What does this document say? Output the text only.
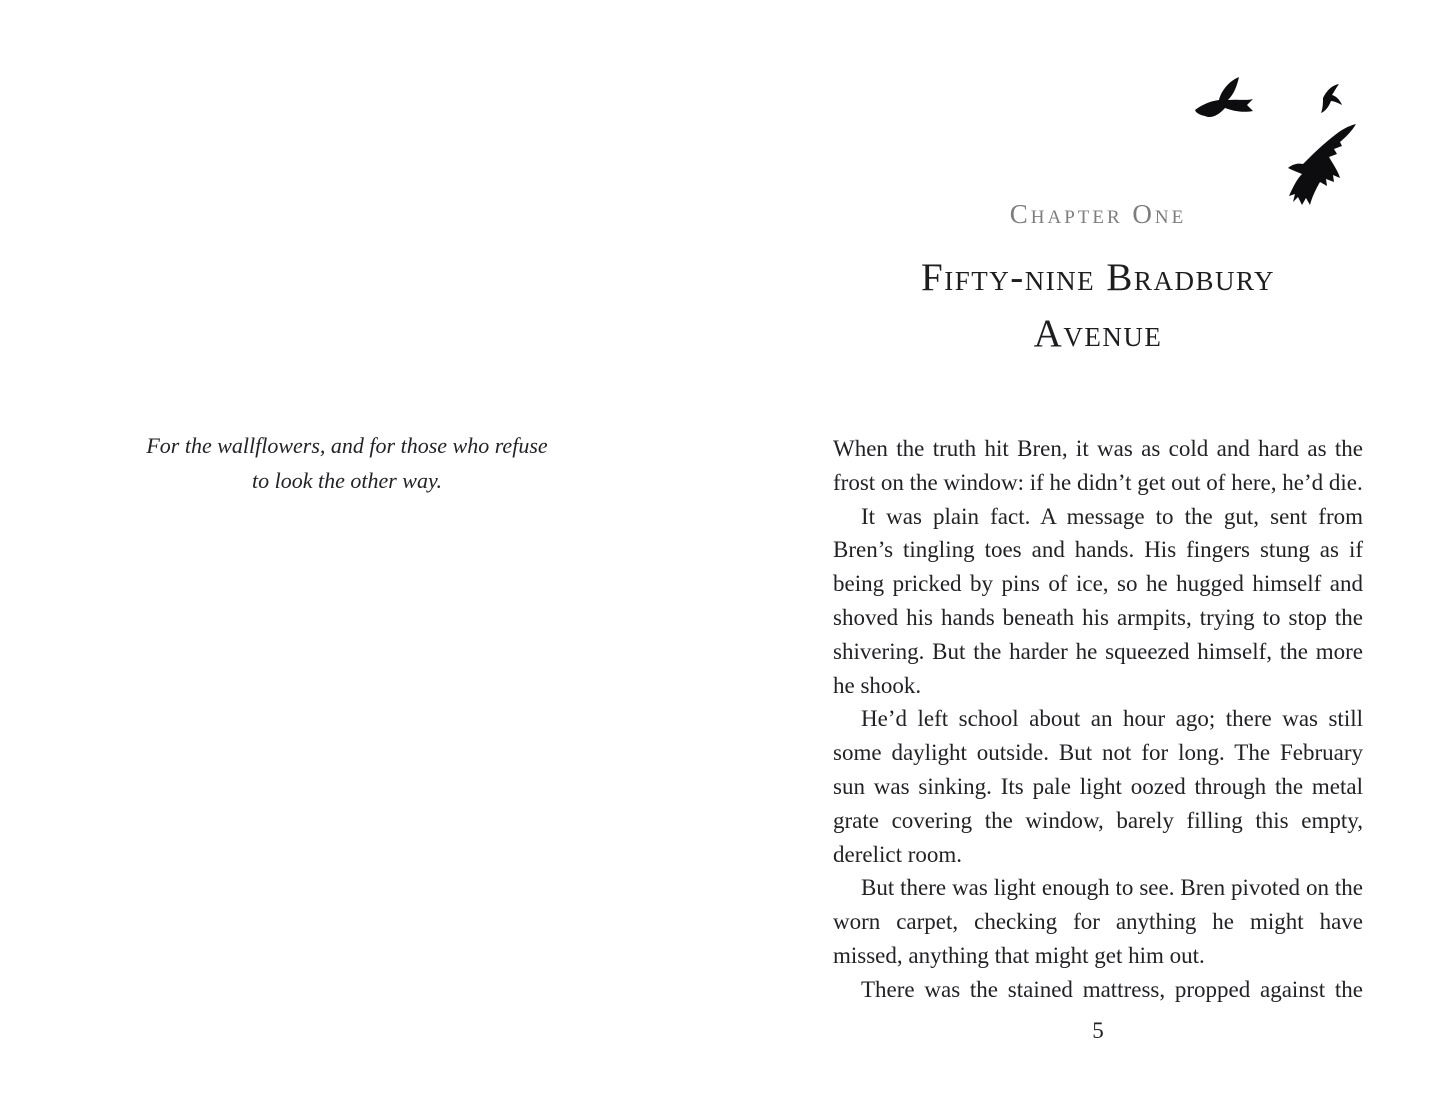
For the wallflowers, and for those who refuse

to look the other way.

Chapter One
Fifty-nine Bradbury
Avenue

When the truth hit Bren, it was as cold and hard as the frost on the window: if he didn’t get out of here, he’d die.

It was plain fact. A message to the gut, sent from Bren’s tingling toes and hands. His fingers stung as if being pricked by pins of ice, so he hugged himself and shoved his hands beneath his armpits, trying to stop the shivering. But the harder he squeezed himself, the more he shook.

He’d left school about an hour ago; there was still some daylight outside. But not for long. The February sun was sinking. Its pale light oozed through the metal grate covering the window, barely filling this empty, derelict room.

But there was light enough to see. Bren pivoted on the worn carpet, checking for anything he might have missed, anything that might get him out.

There was the stained mattress, propped against the

5
